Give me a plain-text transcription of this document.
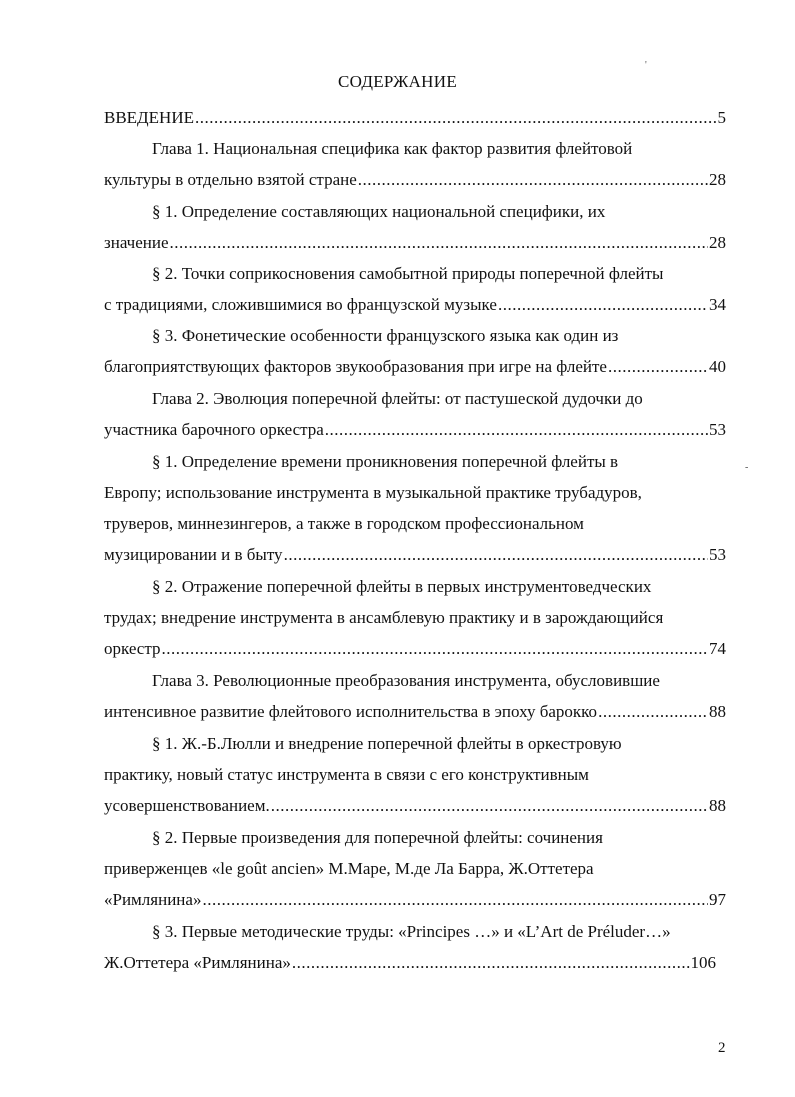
СОДЕРЖАНИЕ
ВВЕДЕНИЕ .....	5
Глава 1. Национальная специфика как фактор развития флейтовой
культуры в отдельно взятой стране .....	28
§ 1. Определение составляющих национальной специфики, их
значение .....	28
§ 2. Точки соприкосновения самобытной природы поперечной флейты
с традициями, сложившимися во французской музыке .....	34
§ 3. Фонетические особенности французского языка как один из
благоприятствующих факторов звукообразования при игре на флейте .....	40
Глава 2. Эволюция поперечной флейты: от пастушеской дудочки до
участника барочного оркестра .....	53
§ 1. Определение времени проникновения поперечной флейты в
Европу; использование инструмента в музыкальной практике трубадуров,
труверов, миннезингеров, а также в городском профессиональном
музицировании и в быту .....	53
§ 2. Отражение поперечной флейты в первых инструментоведческих
трудах; внедрение инструмента в ансамблевую практику и в зарождающийся
оркестр .....	74
Глава 3. Революционные преобразования инструмента, обусловившие
интенсивное развитие флейтового исполнительства в эпоху барокко .....	88
§ 1. Ж.-Б.Люлли и внедрение поперечной флейты в оркестровую
практику, новый статус инструмента в связи с его конструктивным
усовершенствованием. .....	88
§ 2. Первые произведения для поперечной флейты: сочинения
приверженцев «le goût ancien» М.Маре, М.де Ла Барра, Ж.Оттетера
«Римлянина» .....	97
§ 3. Первые методические труды: «Principes …» и «L’Art de Préluder…»
Ж.Оттетера «Римлянина» .....	106
2
'
-
